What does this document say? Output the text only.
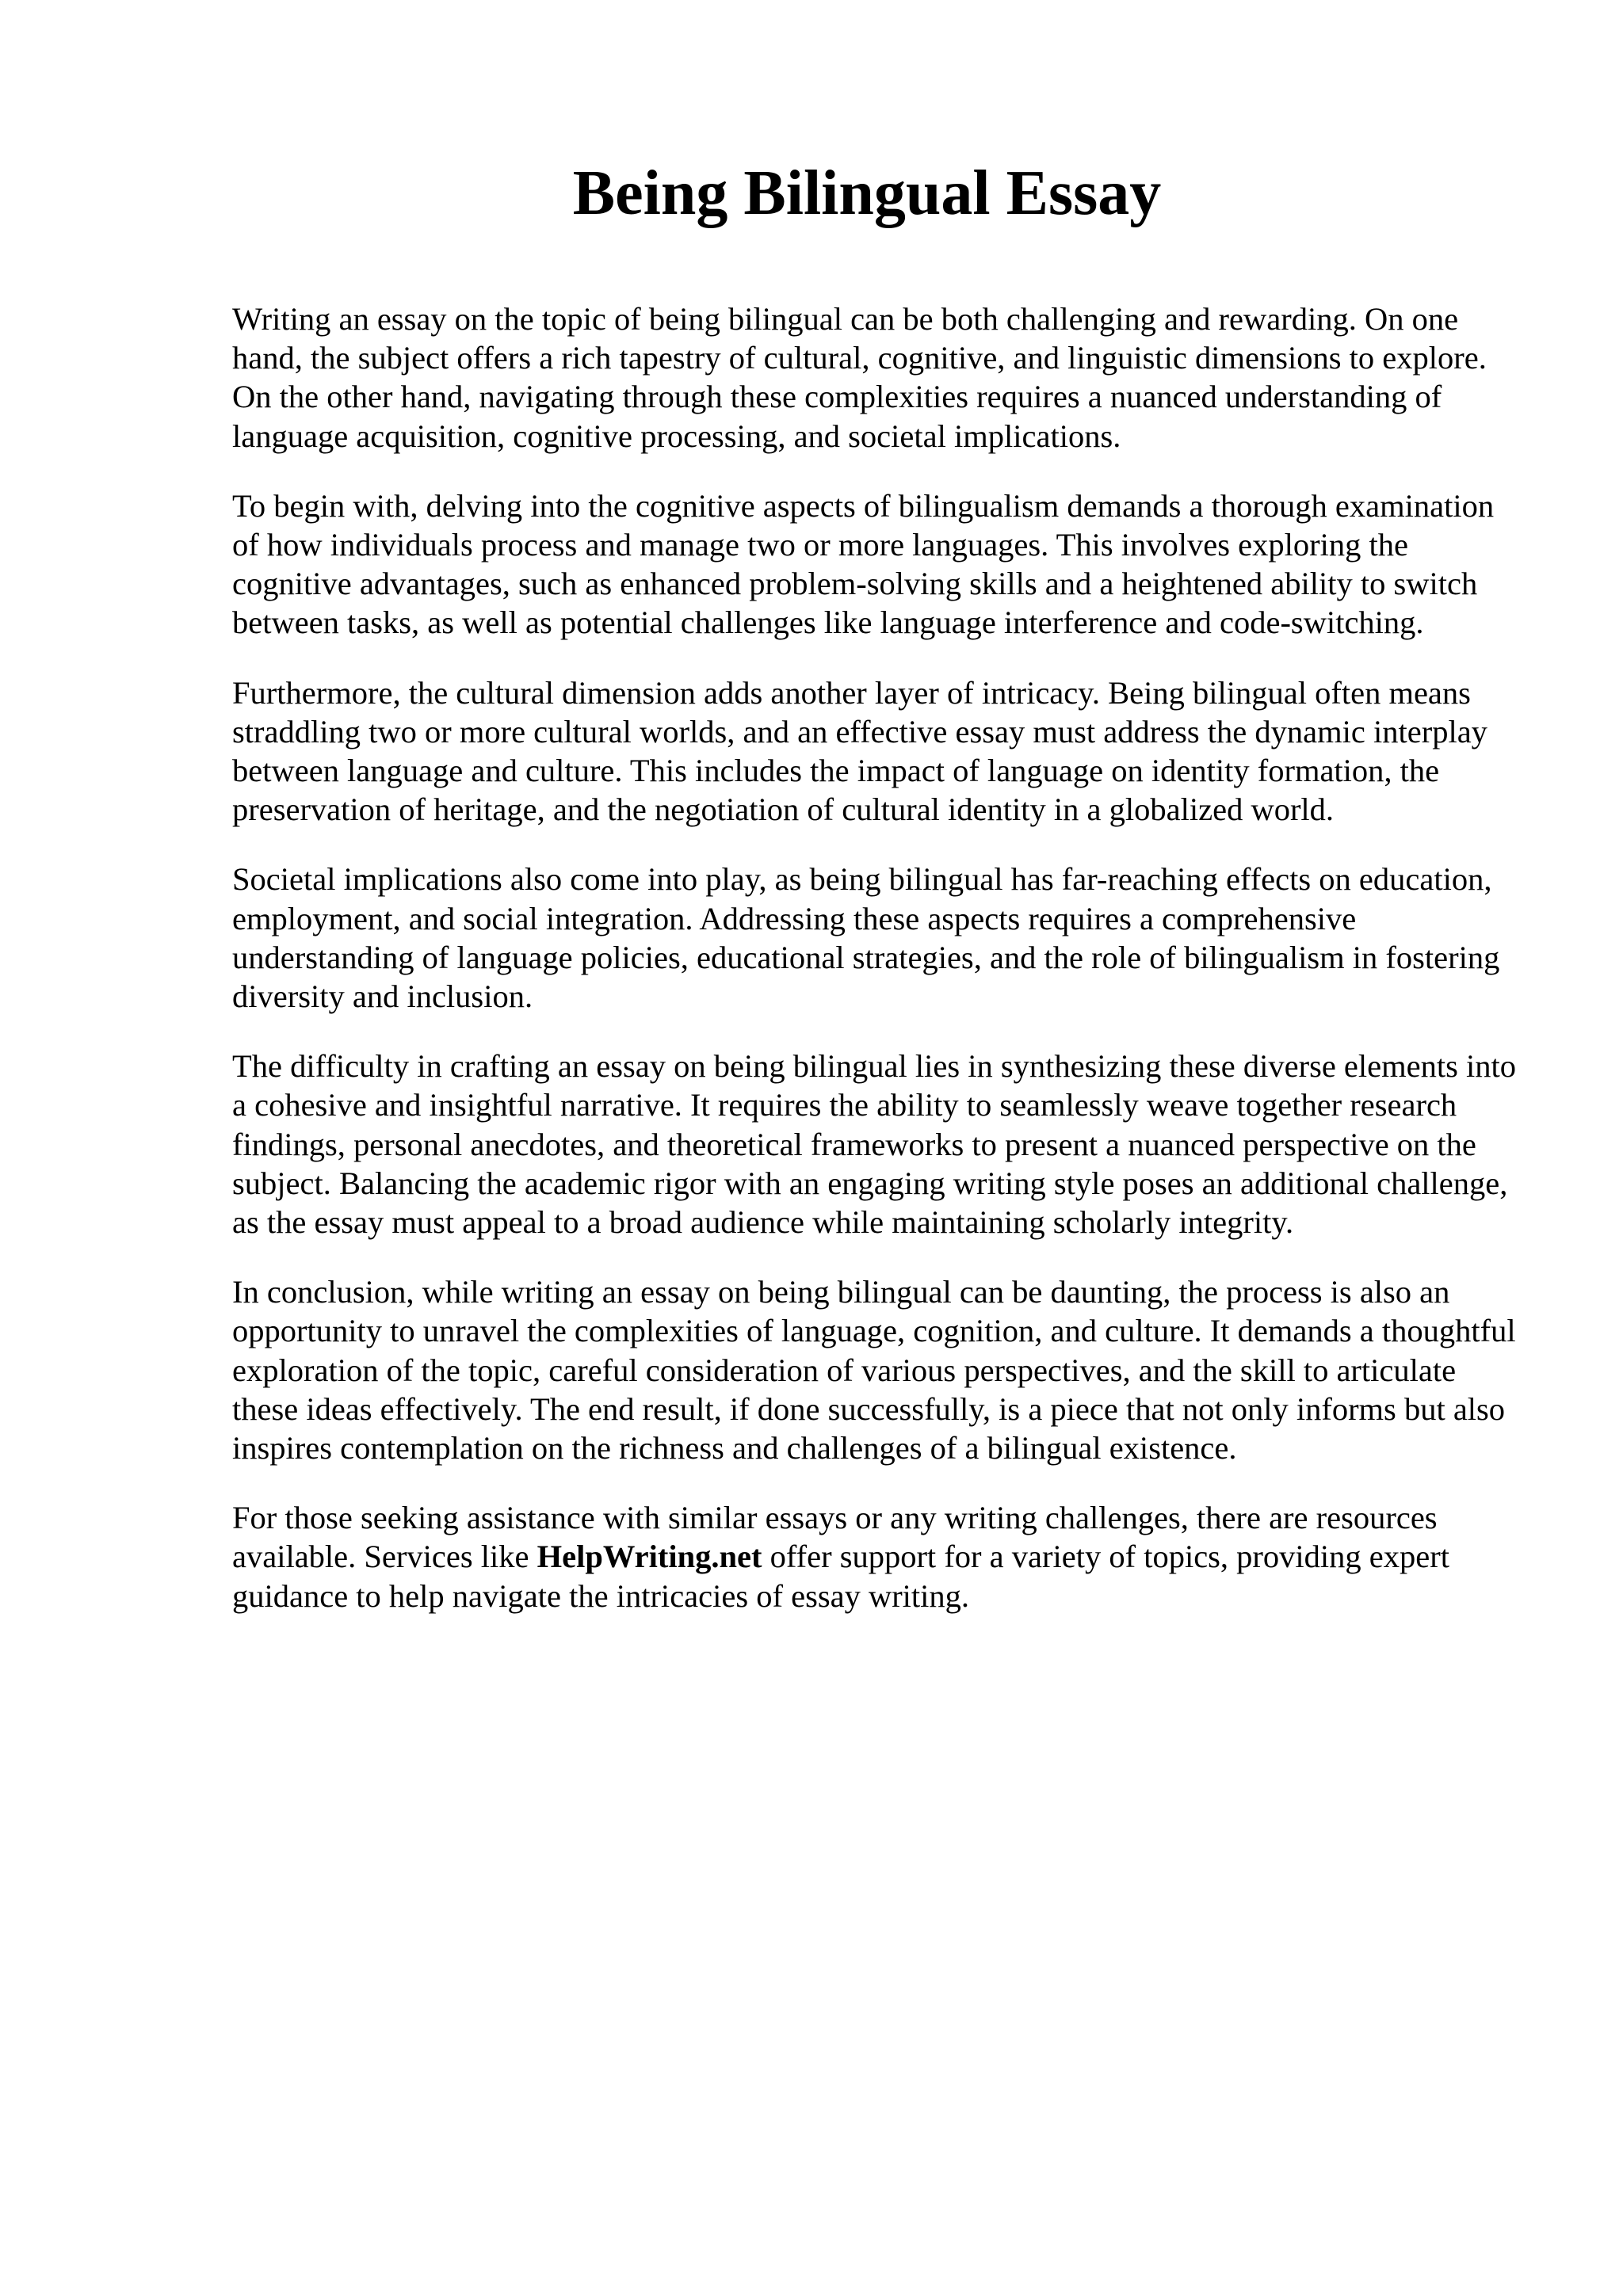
Being Bilingual Essay

Writing an essay on the topic of being bilingual can be both challenging and rewarding. On one hand, the subject offers a rich tapestry of cultural, cognitive, and linguistic dimensions to explore. On the other hand, navigating through these complexities requires a nuanced understanding of language acquisition, cognitive processing, and societal implications.

To begin with, delving into the cognitive aspects of bilingualism demands a thorough examination of how individuals process and manage two or more languages. This involves exploring the cognitive advantages, such as enhanced problem-solving skills and a heightened ability to switch between tasks, as well as potential challenges like language interference and code-switching.

Furthermore, the cultural dimension adds another layer of intricacy. Being bilingual often means straddling two or more cultural worlds, and an effective essay must address the dynamic interplay between language and culture. This includes the impact of language on identity formation, the preservation of heritage, and the negotiation of cultural identity in a globalized world.

Societal implications also come into play, as being bilingual has far-reaching effects on education, employment, and social integration. Addressing these aspects requires a comprehensive understanding of language policies, educational strategies, and the role of bilingualism in fostering diversity and inclusion.

The difficulty in crafting an essay on being bilingual lies in synthesizing these diverse elements into a cohesive and insightful narrative. It requires the ability to seamlessly weave together research findings, personal anecdotes, and theoretical frameworks to present a nuanced perspective on the subject. Balancing the academic rigor with an engaging writing style poses an additional challenge, as the essay must appeal to a broad audience while maintaining scholarly integrity.

In conclusion, while writing an essay on being bilingual can be daunting, the process is also an opportunity to unravel the complexities of language, cognition, and culture. It demands a thoughtful exploration of the topic, careful consideration of various perspectives, and the skill to articulate these ideas effectively. The end result, if done successfully, is a piece that not only informs but also inspires contemplation on the richness and challenges of a bilingual existence.

For those seeking assistance with similar essays or any writing challenges, there are resources available. Services like HelpWriting.net offer support for a variety of topics, providing expert guidance to help navigate the intricacies of essay writing.
